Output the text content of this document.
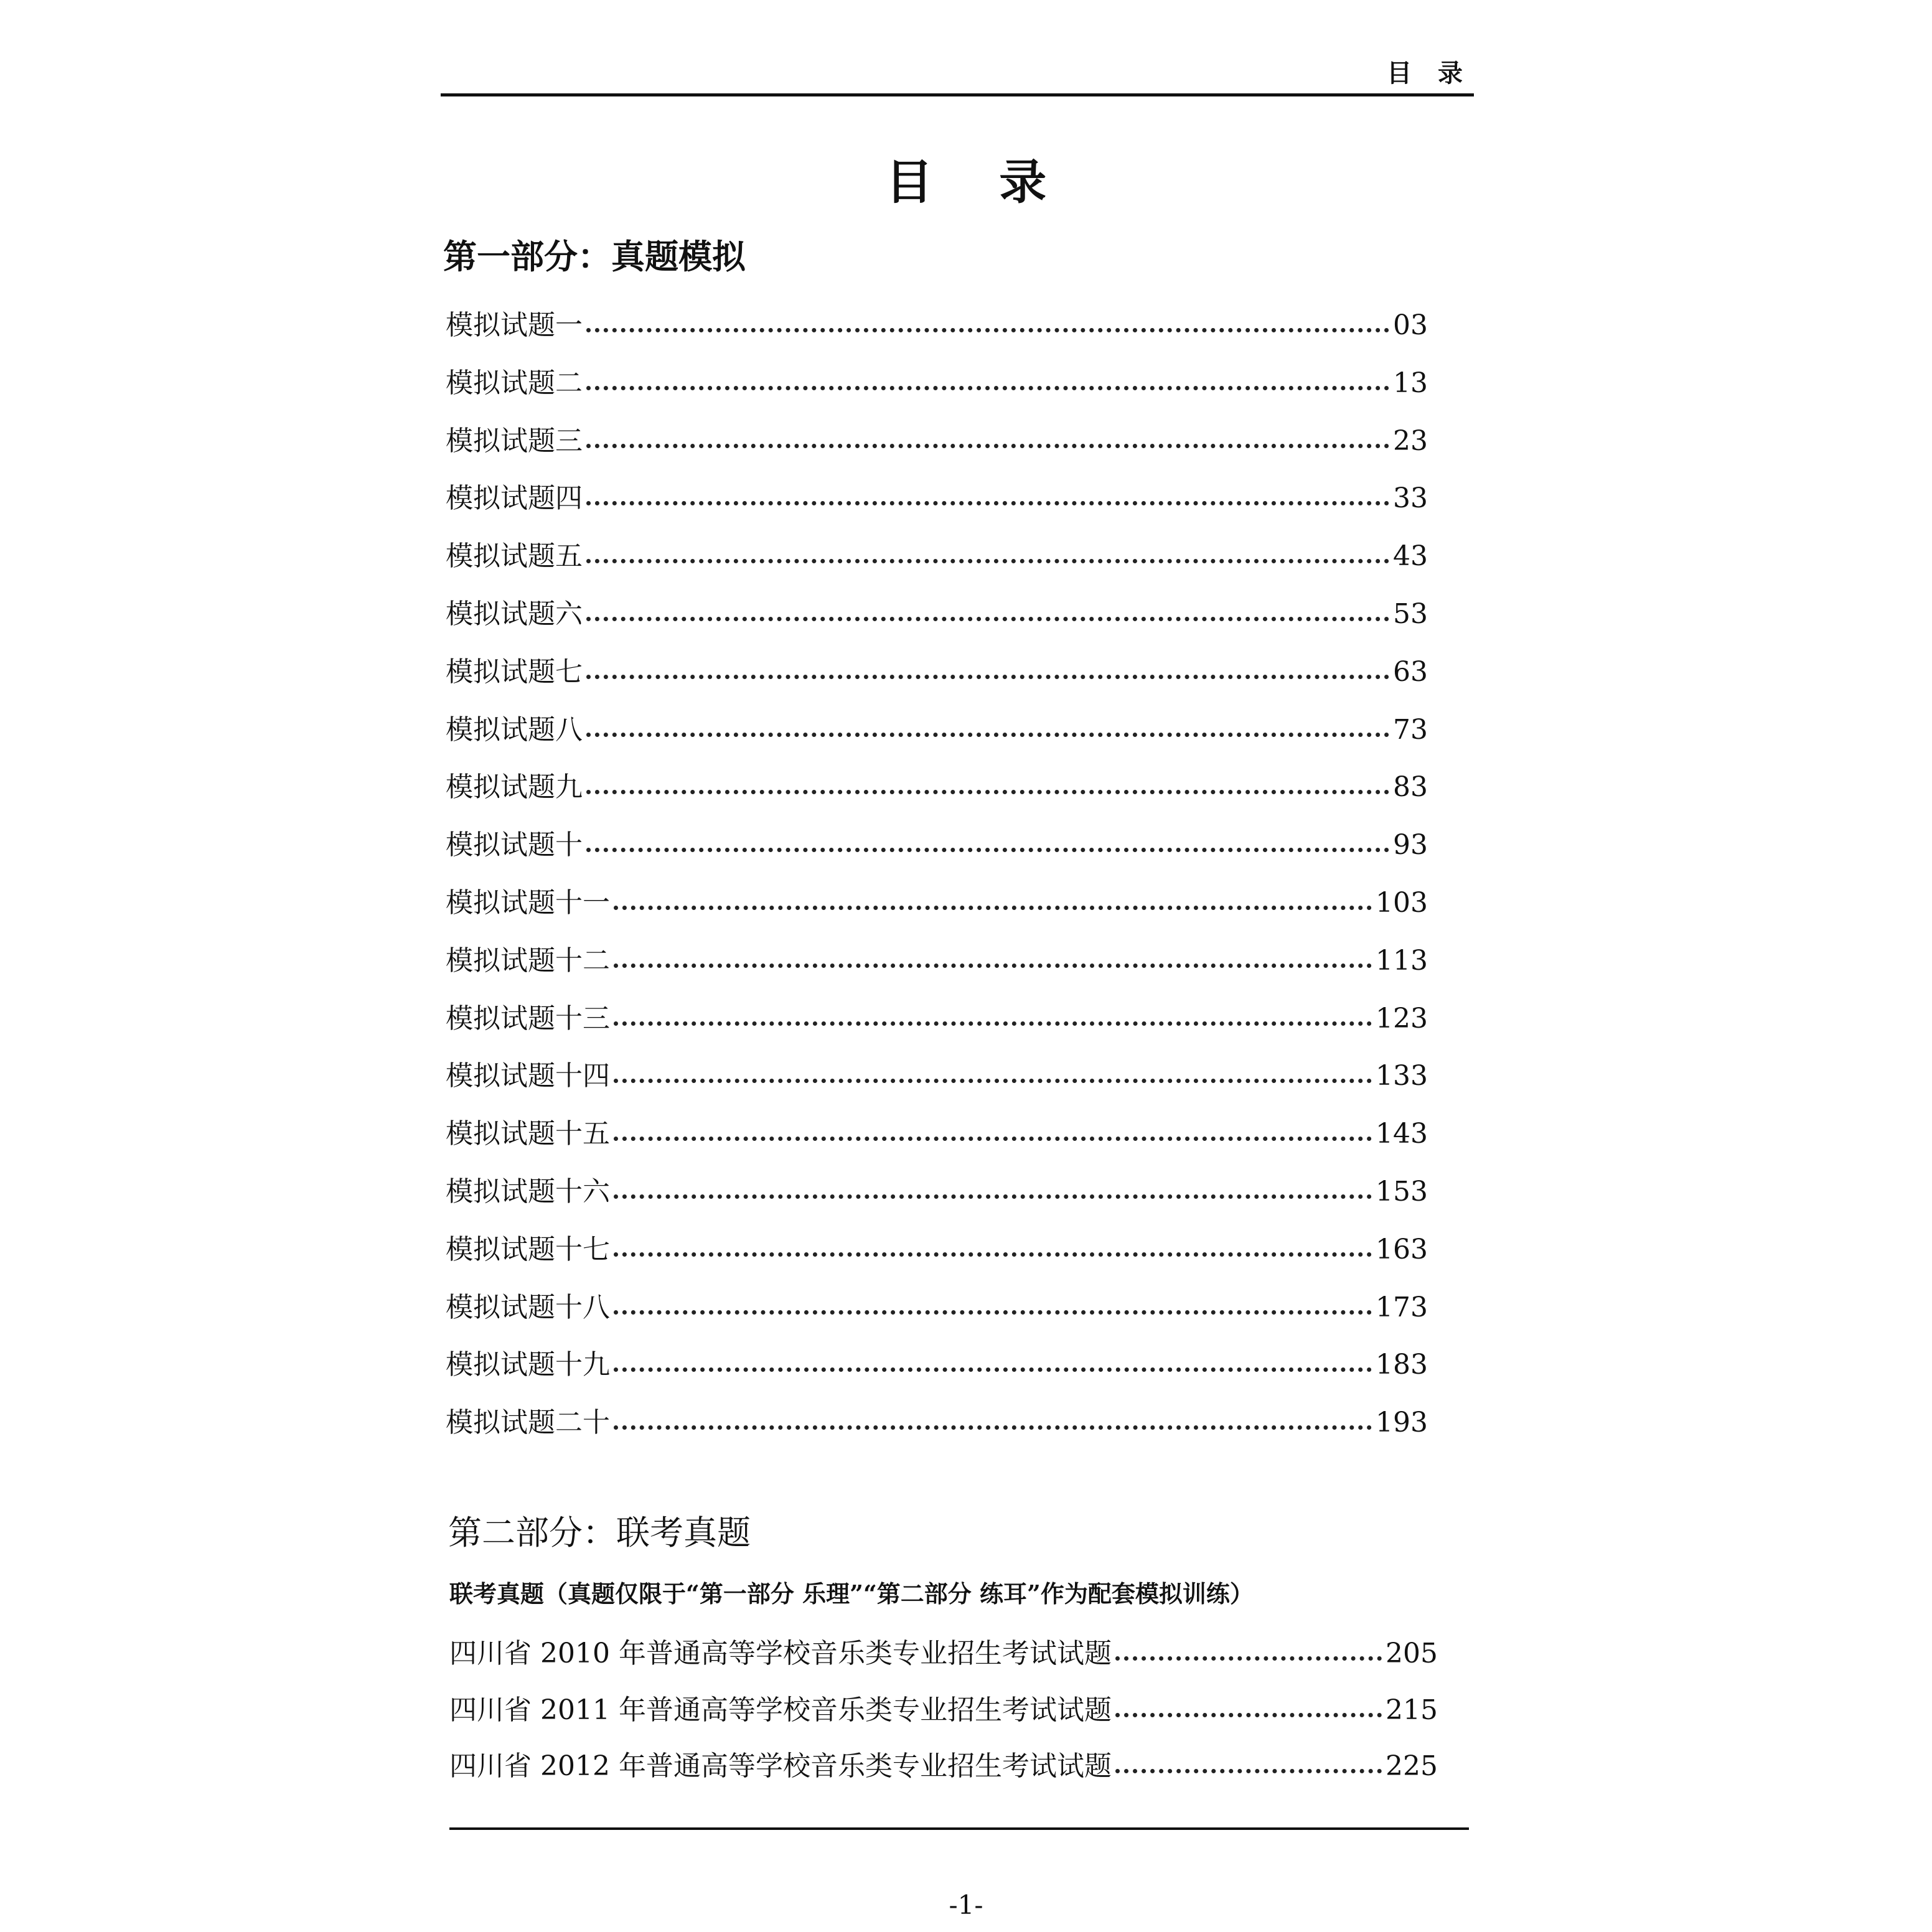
目 录
目 录
第一部分：真题模拟
模拟试题一	03
模拟试题二	13
模拟试题三	23
模拟试题四	33
模拟试题五	43
模拟试题六	53
模拟试题七	63
模拟试题八	73
模拟试题九	83
模拟试题十	93
模拟试题十一	103
模拟试题十二	113
模拟试题十三	123
模拟试题十四	133
模拟试题十五	143
模拟试题十六	153
模拟试题十七	163
模拟试题十八	173
模拟试题十九	183
模拟试题二十	193
第二部分：联考真题
联考真题（真题仅限于“第一部分 乐理”“第二部分 练耳”作为配套模拟训练）
四川省 2010 年普通高等学校音乐类专业招生考试试题	205
四川省 2011 年普通高等学校音乐类专业招生考试试题	215
四川省 2012 年普通高等学校音乐类专业招生考试试题	225
-1-
